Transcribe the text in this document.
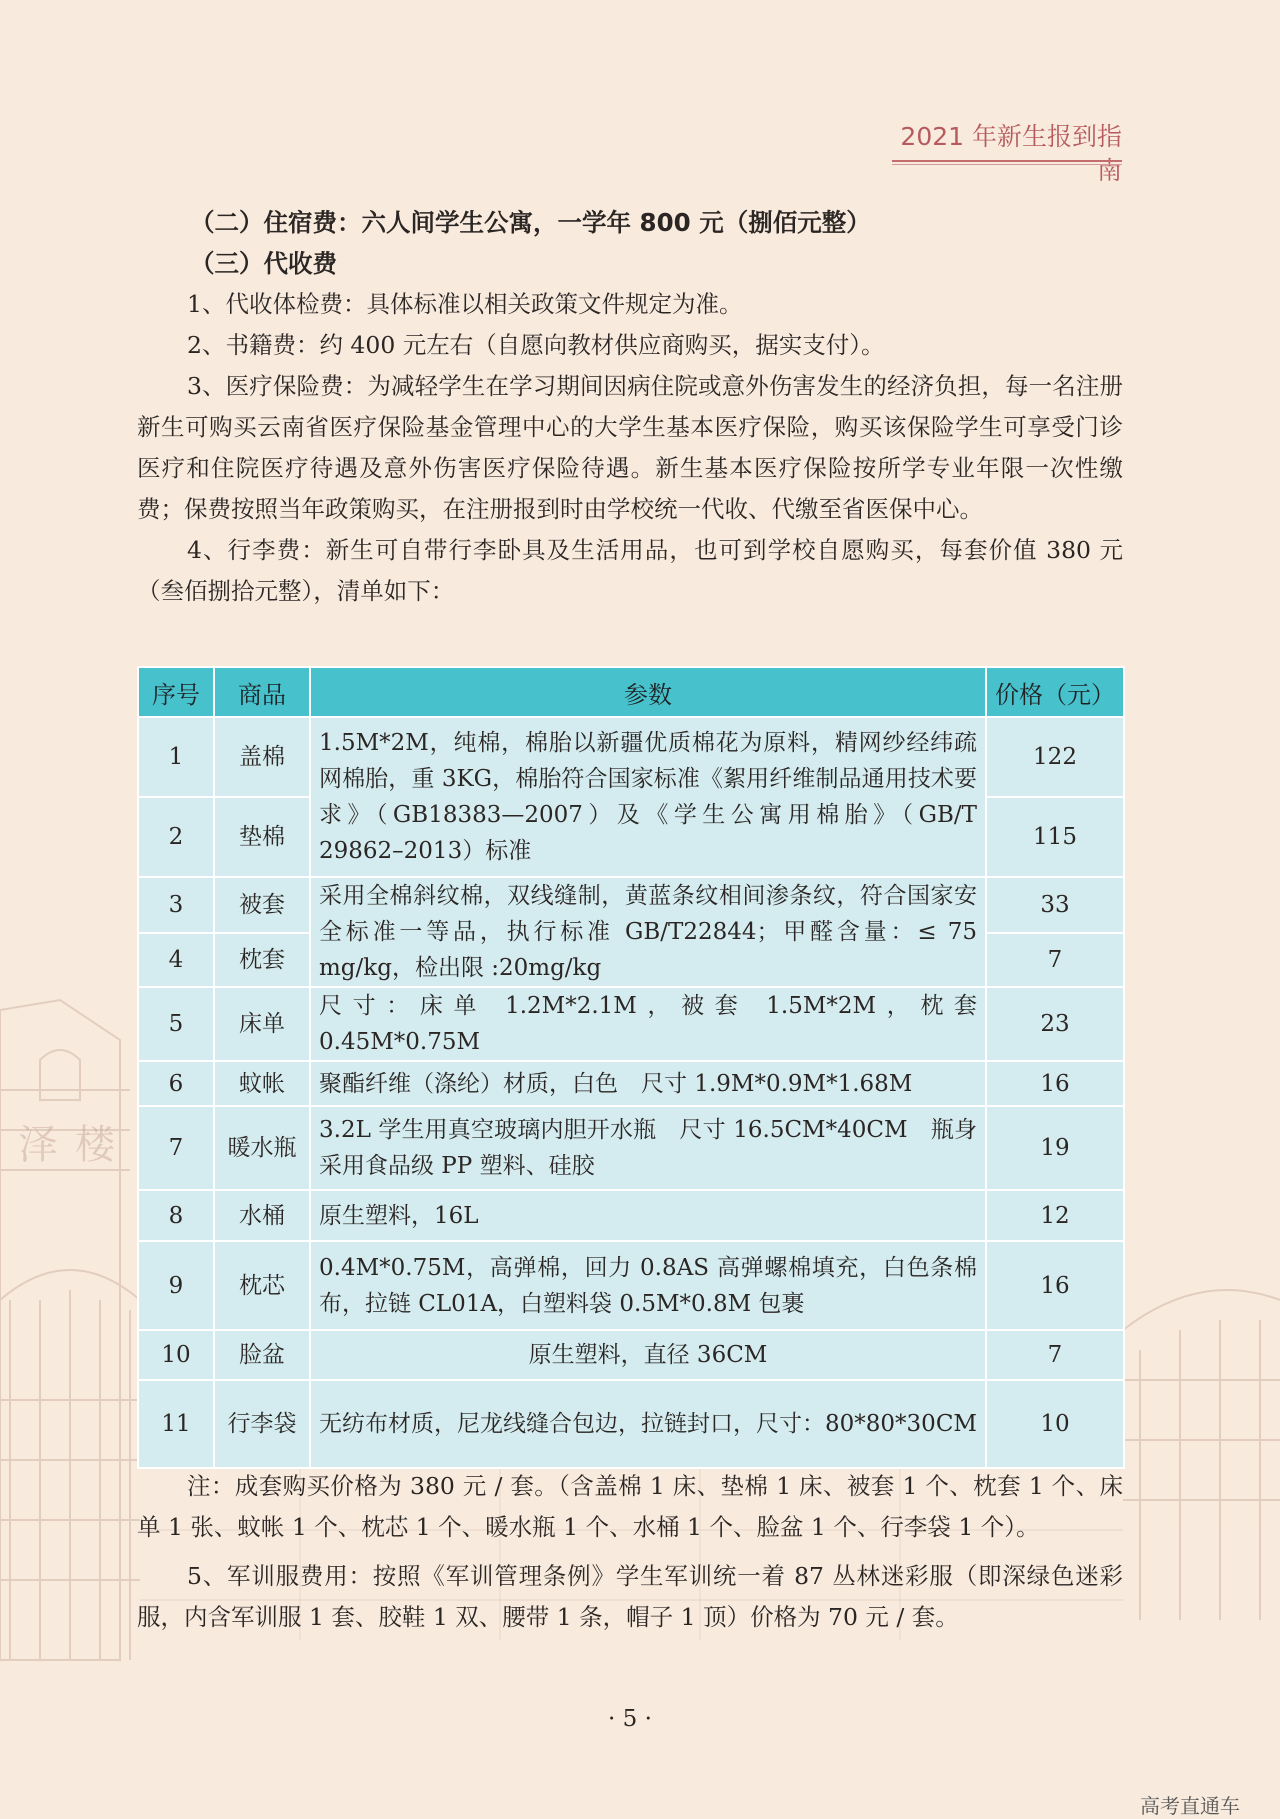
泽 楼
2021 年新生报到指南
（二）住宿费：六人间学生公寓，一学年 800 元（捌佰元整）
（三）代收费
1、代收体检费：具体标准以相关政策文件规定为准。
2、书籍费：约 400 元左右（自愿向教材供应商购买，据实支付）。
3、医疗保险费：为减轻学生在学习期间因病住院或意外伤害发生的经济负担，每一名注册新生可购买云南省医疗保险基金管理中心的大学生基本医疗保险，购买该保险学生可享受门诊医疗和住院医疗待遇及意外伤害医疗保险待遇。新生基本医疗保险按所学专业年限一次性缴费；保费按照当年政策购买，在注册报到时由学校统一代收、代缴至省医保中心。
4、行李费：新生可自带行李卧具及生活用品，也可到学校自愿购买，每套价值 380 元（叁佰捌拾元整），清单如下：
序号	商品	参数	价格（元）
1	盖棉	1.5M*2M，纯棉，棉胎以新疆优质棉花为原料，精网纱经纬疏网棉胎，重 3KG，棉胎符合国家标准《絮用纤维制品通用技术要求》（GB18383—2007）及《学生公寓用棉胎》（GB/T 29862–2013）标准	122
2	垫棉		115
3	被套	采用全棉斜纹棉，双线缝制，黄蓝条纹相间渗条纹，符合国家安全标准一等品，执行标准 GB/T22844；甲醛含量：≤ 75 mg/kg，检出限 :20mg/kg	33
4	枕套		7
5	床单	尺寸：床单 1.2M*2.1M，被套 1.5M*2M，枕套 0.45M*0.75M	23
6	蚊帐	聚酯纤维（涤纶）材质，白色　尺寸 1.9M*0.9M*1.68M	16
7	暖水瓶	3.2L 学生用真空玻璃内胆开水瓶　尺寸 16.5CM*40CM　瓶身采用食品级 PP 塑料、硅胶	19
8	水桶	原生塑料，16L	12
9	枕芯	0.4M*0.75M，高弹棉，回力 0.8AS 高弹螺棉填充，白色条棉布，拉链 CL01A，白塑料袋 0.5M*0.8M 包裹	16
10	脸盆	原生塑料，直径 36CM	7
11	行李袋	无纺布材质，尼龙线缝合包边，拉链封口，尺寸：80*80*30CM	10
注：成套购买价格为 380 元 / 套。（含盖棉 1 床、垫棉 1 床、被套 1 个、枕套 1 个、床单 1 张、蚊帐 1 个、枕芯 1 个、暖水瓶 1 个、水桶 1 个、脸盆 1 个、行李袋 1 个）。
5、军训服费用：按照《军训管理条例》学生军训统一着 87 丛林迷彩服（即深绿色迷彩服，内含军训服 1 套、胶鞋 1 双、腰带 1 条，帽子 1 顶）价格为 70 元 / 套。
· 5 ·
高考直通车
